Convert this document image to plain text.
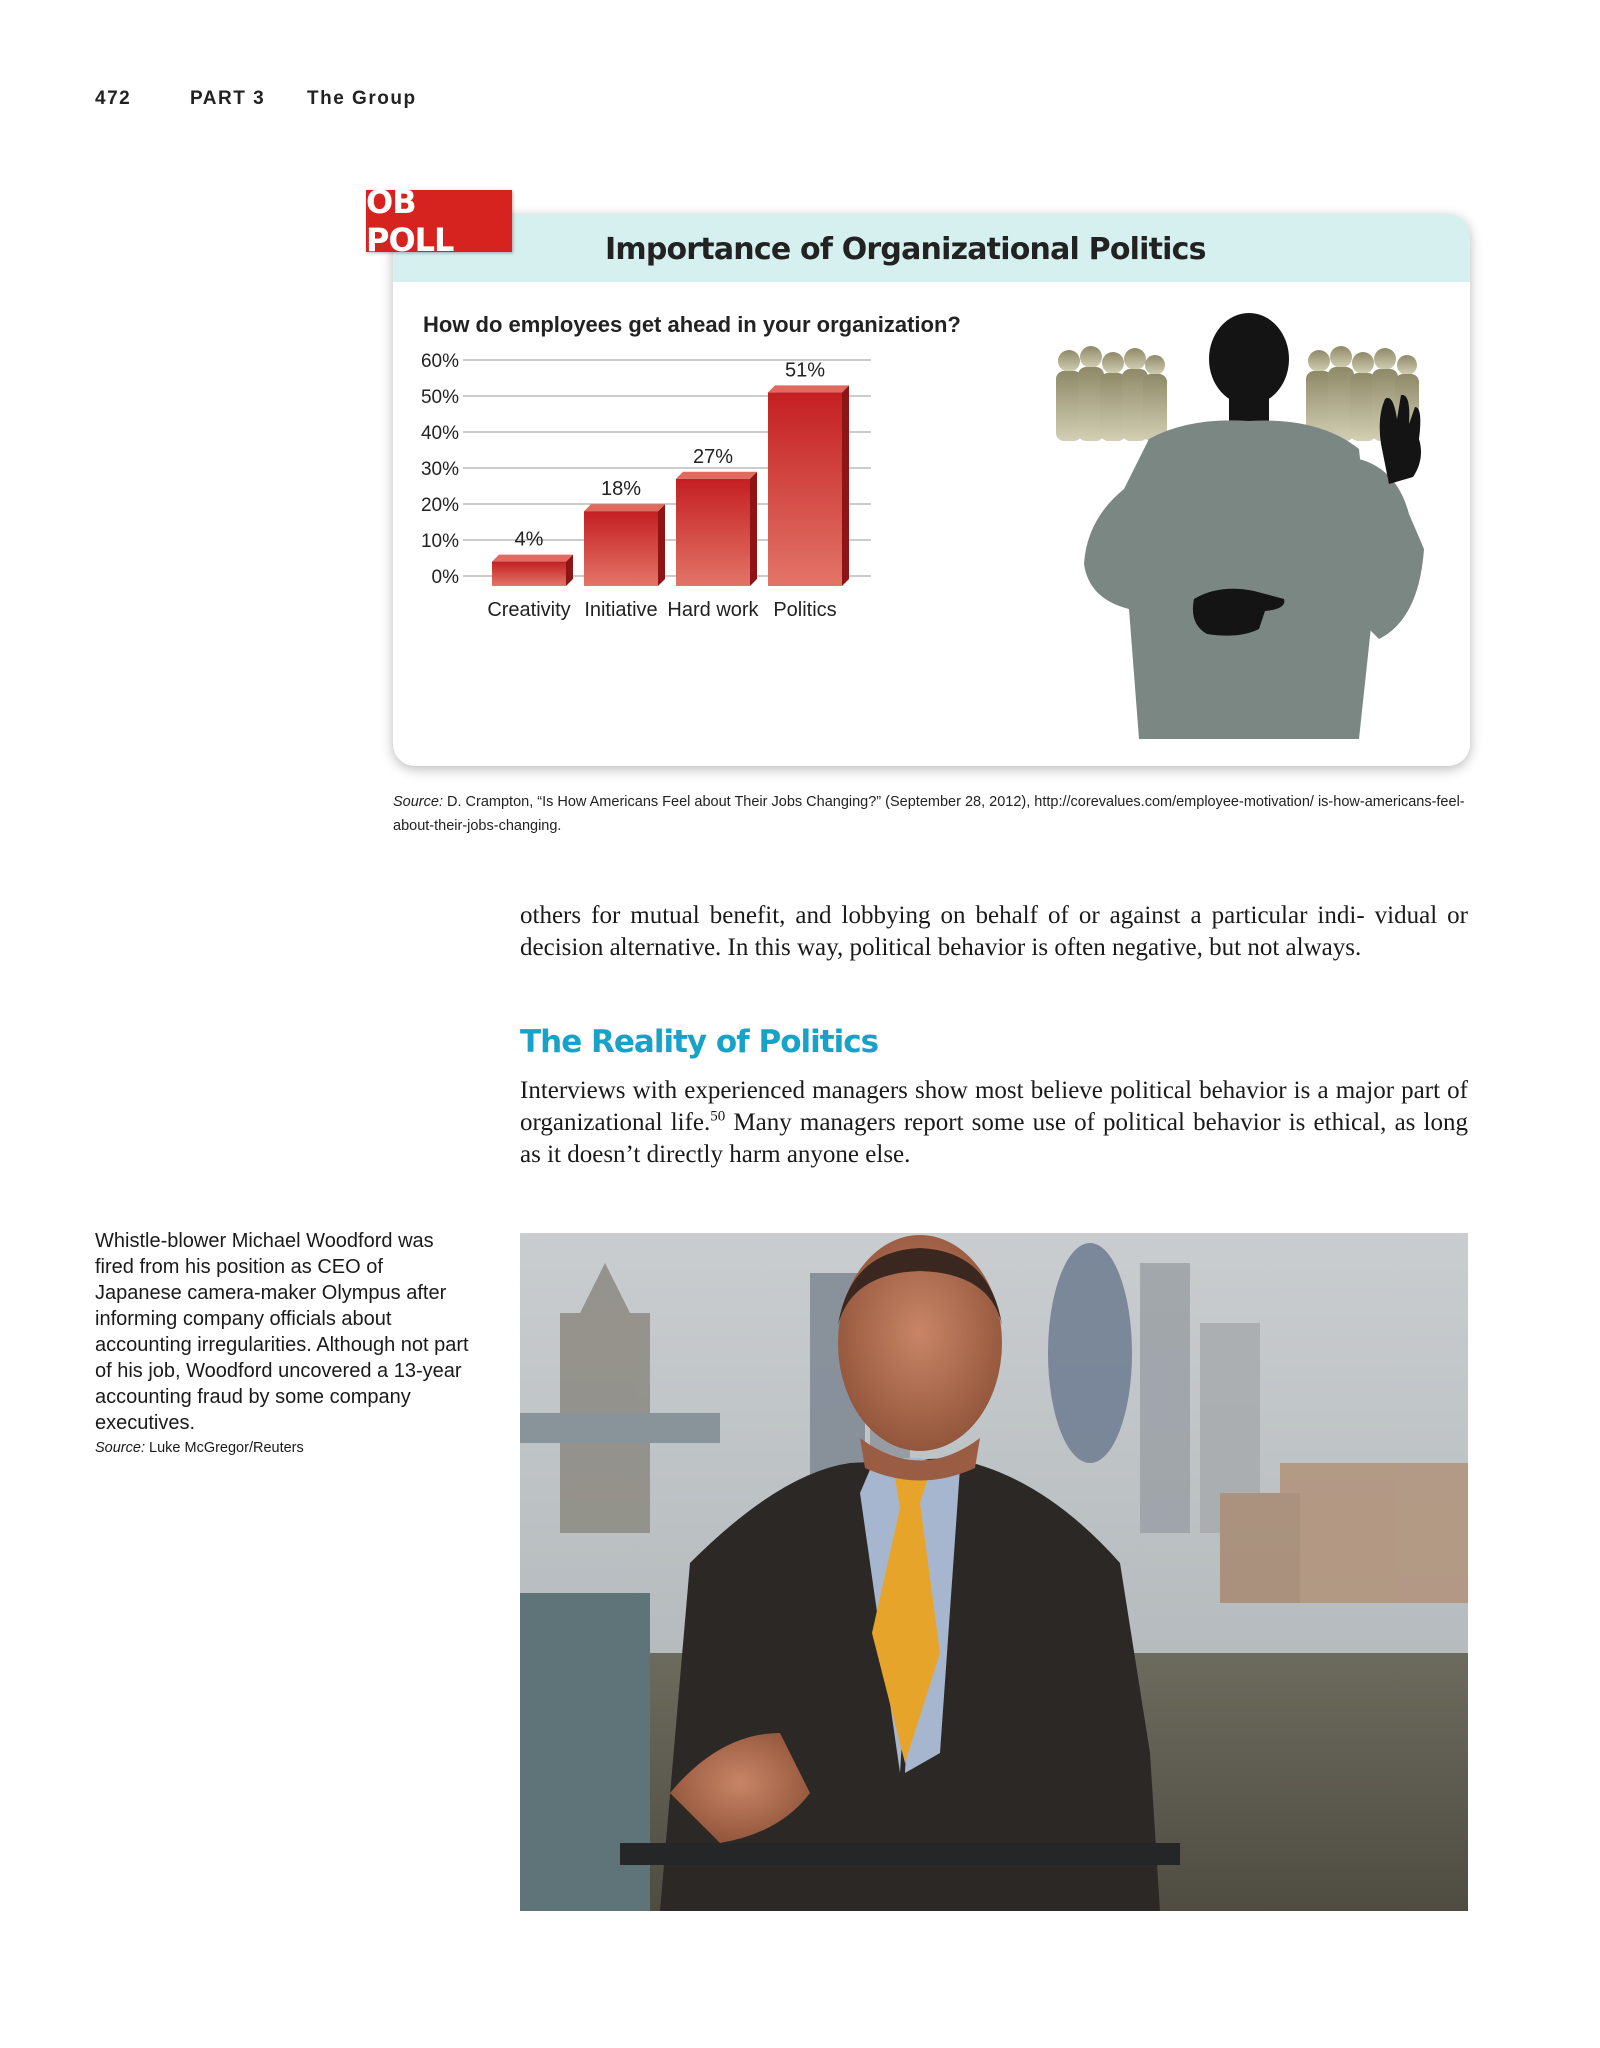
472	PART 3 The Group
OB POLL	Importance of Organizational Politics
How do employees get ahead in your organization?
0%
10%
20%
30%
40%
50%
60%
4%
Creativity
18%
Initiative
27%
Hard work
51%
Politics
Source: D. Crampton, “Is How Americans Feel about Their Jobs Changing?” (September 28, 2012), http://corevalues.com/employee-motivation/ is-how-americans-feel-about-their-jobs-changing.

others for mutual benefit, and lobbying on behalf of or against a particular indi- vidual or decision alternative. In this way, political behavior is often negative, but not always.

The Reality of Politics

Interviews with experienced managers show most believe political behavior is a major part of organizational life.$^{50}$ Many managers report some use of political behavior is ethical, as long as it doesn’t directly harm anyone else.

Whistle-blower Michael Woodford was fired from his position as CEO of Japanese camera-maker Olympus after informing company officials about accounting irregularities. Although not part of his job, Woodford uncovered a 13-year accounting fraud by some company executives.
Source: Luke McGregor/Reuters
